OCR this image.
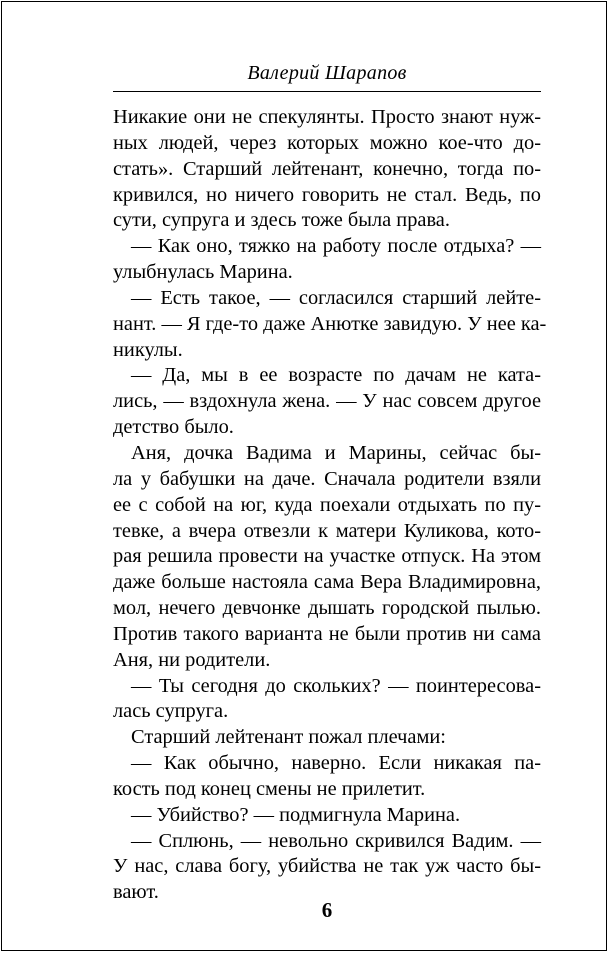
Валерий Шарапов
Никакие они не спекулянты. Просто знают нуж-
ных людей, через которых можно кое-что до-
стать». Старший лейтенант, конечно, тогда по-
кривился, но ничего говорить не стал. Ведь, по
сути, супруга и здесь тоже была права.
— Как оно, тяжко на работу после отдыха? —
улыбнулась Марина.
— Есть такое, — согласился старший лейте-
нант. — Я где-то даже Анютке завидую. У нее ка-
никулы.
— Да, мы в ее возрасте по дачам не ката-
лись, — вздохнула жена. — У нас совсем другое
детство было.
Аня, дочка Вадима и Марины, сейчас бы-
ла у бабушки на даче. Сначала родители взяли
ее с собой на юг, куда поехали отдыхать по пу-
тевке, а вчера отвезли к матери Куликова, кото-
рая решила провести на участке отпуск. На этом
даже больше настояла сама Вера Владимировна,
мол, нечего девчонке дышать городской пылью.
Против такого варианта не были против ни сама
Аня, ни родители.
— Ты сегодня до скольких? — поинтересова-
лась супруга.
Старший лейтенант пожал плечами:
— Как обычно, наверно. Если никакая па-
кость под конец смены не прилетит.
— Убийство? — подмигнула Марина.
— Сплюнь, — невольно скривился Вадим. —
У нас, слава богу, убийства не так уж часто бы-
вают.
6
